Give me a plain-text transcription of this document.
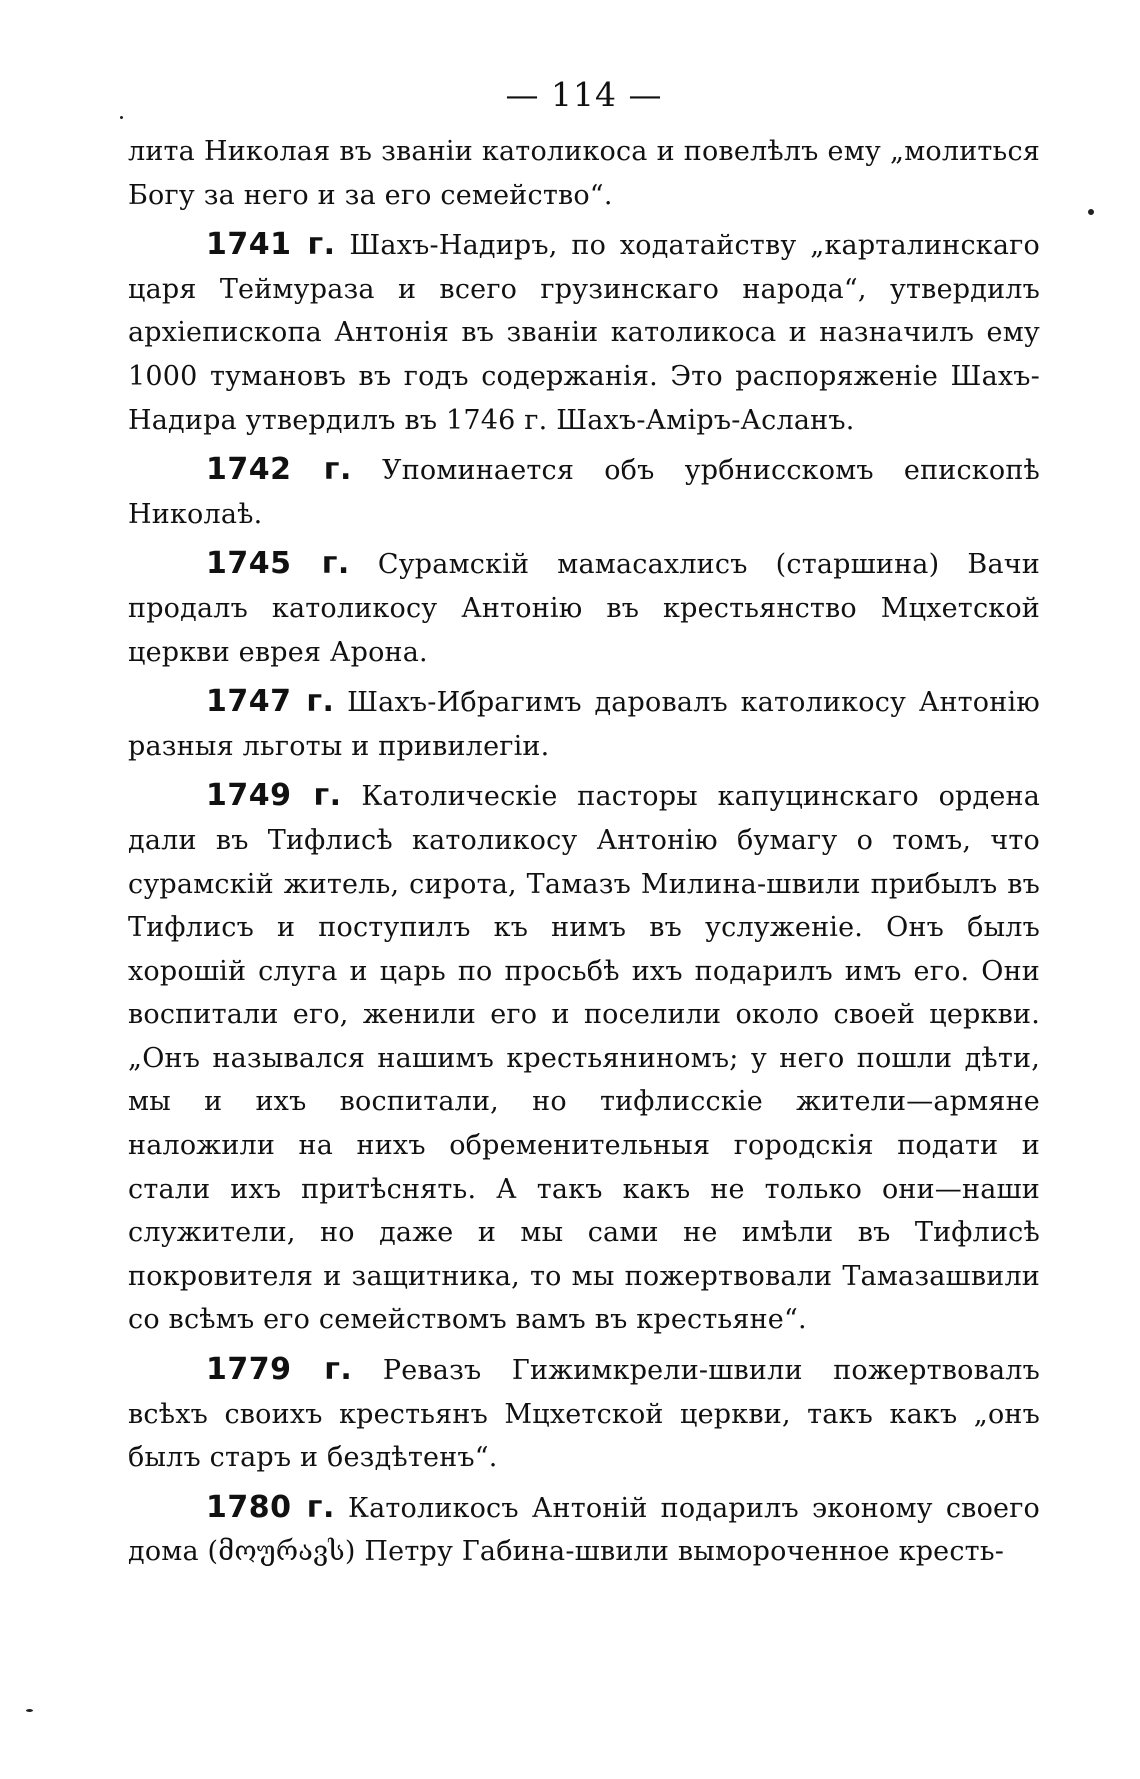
— 114 —

лита Николая въ званіи католикоса и повелѣлъ ему „молиться Богу за него и за его семейство“.

1741 г. Шахъ-Надиръ, по ходатайству „карталинскаго царя Теймураза и всего грузинскаго народа“, утвердилъ архіепископа Антонія въ званіи католикоса и назначилъ ему 1000 тумановъ въ годъ содержанія. Это распоряженіе Шахъ-Надира утвердилъ въ 1746 г. Шахъ-Аміръ-Асланъ.

1742 г. Упоминается объ урбнисскомъ епископѣ Николаѣ.

1745 г. Сурамскій мамасахлисъ (старшина) Вачи продалъ католикосу Антонію въ крестьянство Мцхетской церкви еврея Арона.

1747 г. Шахъ-Ибрагимъ даровалъ католикосу Антонію разныя льготы и привилегіи.

1749 г. Католическіе пасторы капуцинскаго ордена дали въ Тифлисѣ католикосу Антонію бумагу о томъ, что сурамскій житель, сирота, Тамазъ Милина-швили прибылъ въ Тифлисъ и поступилъ къ нимъ въ услуженіе. Онъ былъ хорошій слуга и царь по просьбѣ ихъ подарилъ имъ его. Они воспитали его, женили его и поселили около своей церкви. „Онъ назывался нашимъ крестьяниномъ; у него пошли дѣти, мы и ихъ воспитали, но тифлисскіе жители—армяне наложили на нихъ обременительныя городскія подати и стали ихъ притѣснять. А такъ какъ не только они—наши служители, но даже и мы сами не имѣли въ Тифлисѣ покровителя и защитника, то мы пожертвовали Тамазашвили со всѣмъ его семействомъ вамъ въ крестьяне“.

1779 г. Ревазъ Гижимкрели-швили пожертвовалъ всѣхъ своихъ крестьянъ Мцхетской церкви, такъ какъ „онъ былъ старъ и бездѣтенъ“.

1780 г. Католикосъ Антоній подарилъ эконому своего дома (მოურავს) Петру Габина-швили вымороченное кресть-
